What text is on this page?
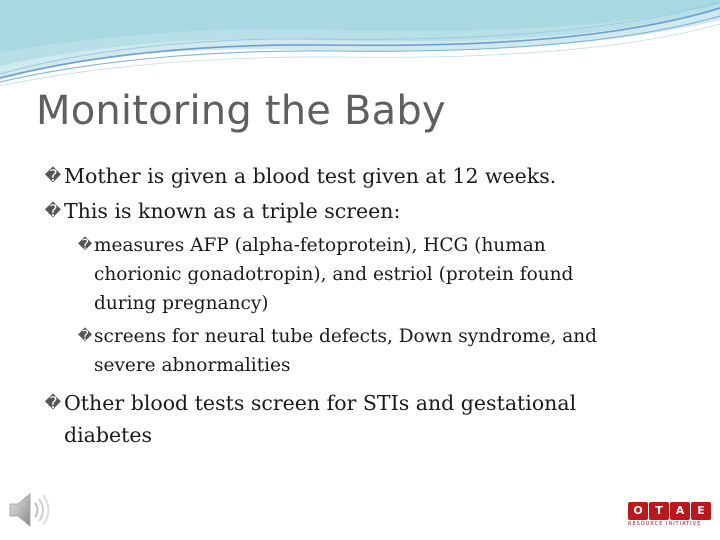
Monitoring the Baby
� Mother is given a blood test given at 12 weeks.
� This is known as a triple screen:
� measures AFP (alpha-fetoprotein), HCG (human
chorionic gonadotropin), and estriol (protein found
during pregnancy)
� screens for neural tube defects, Down syndrome, and
severe abnormalities
� Other blood tests screen for STIs and gestational
diabetes
O	T	A	E
RESOURCE INITIATIVE
